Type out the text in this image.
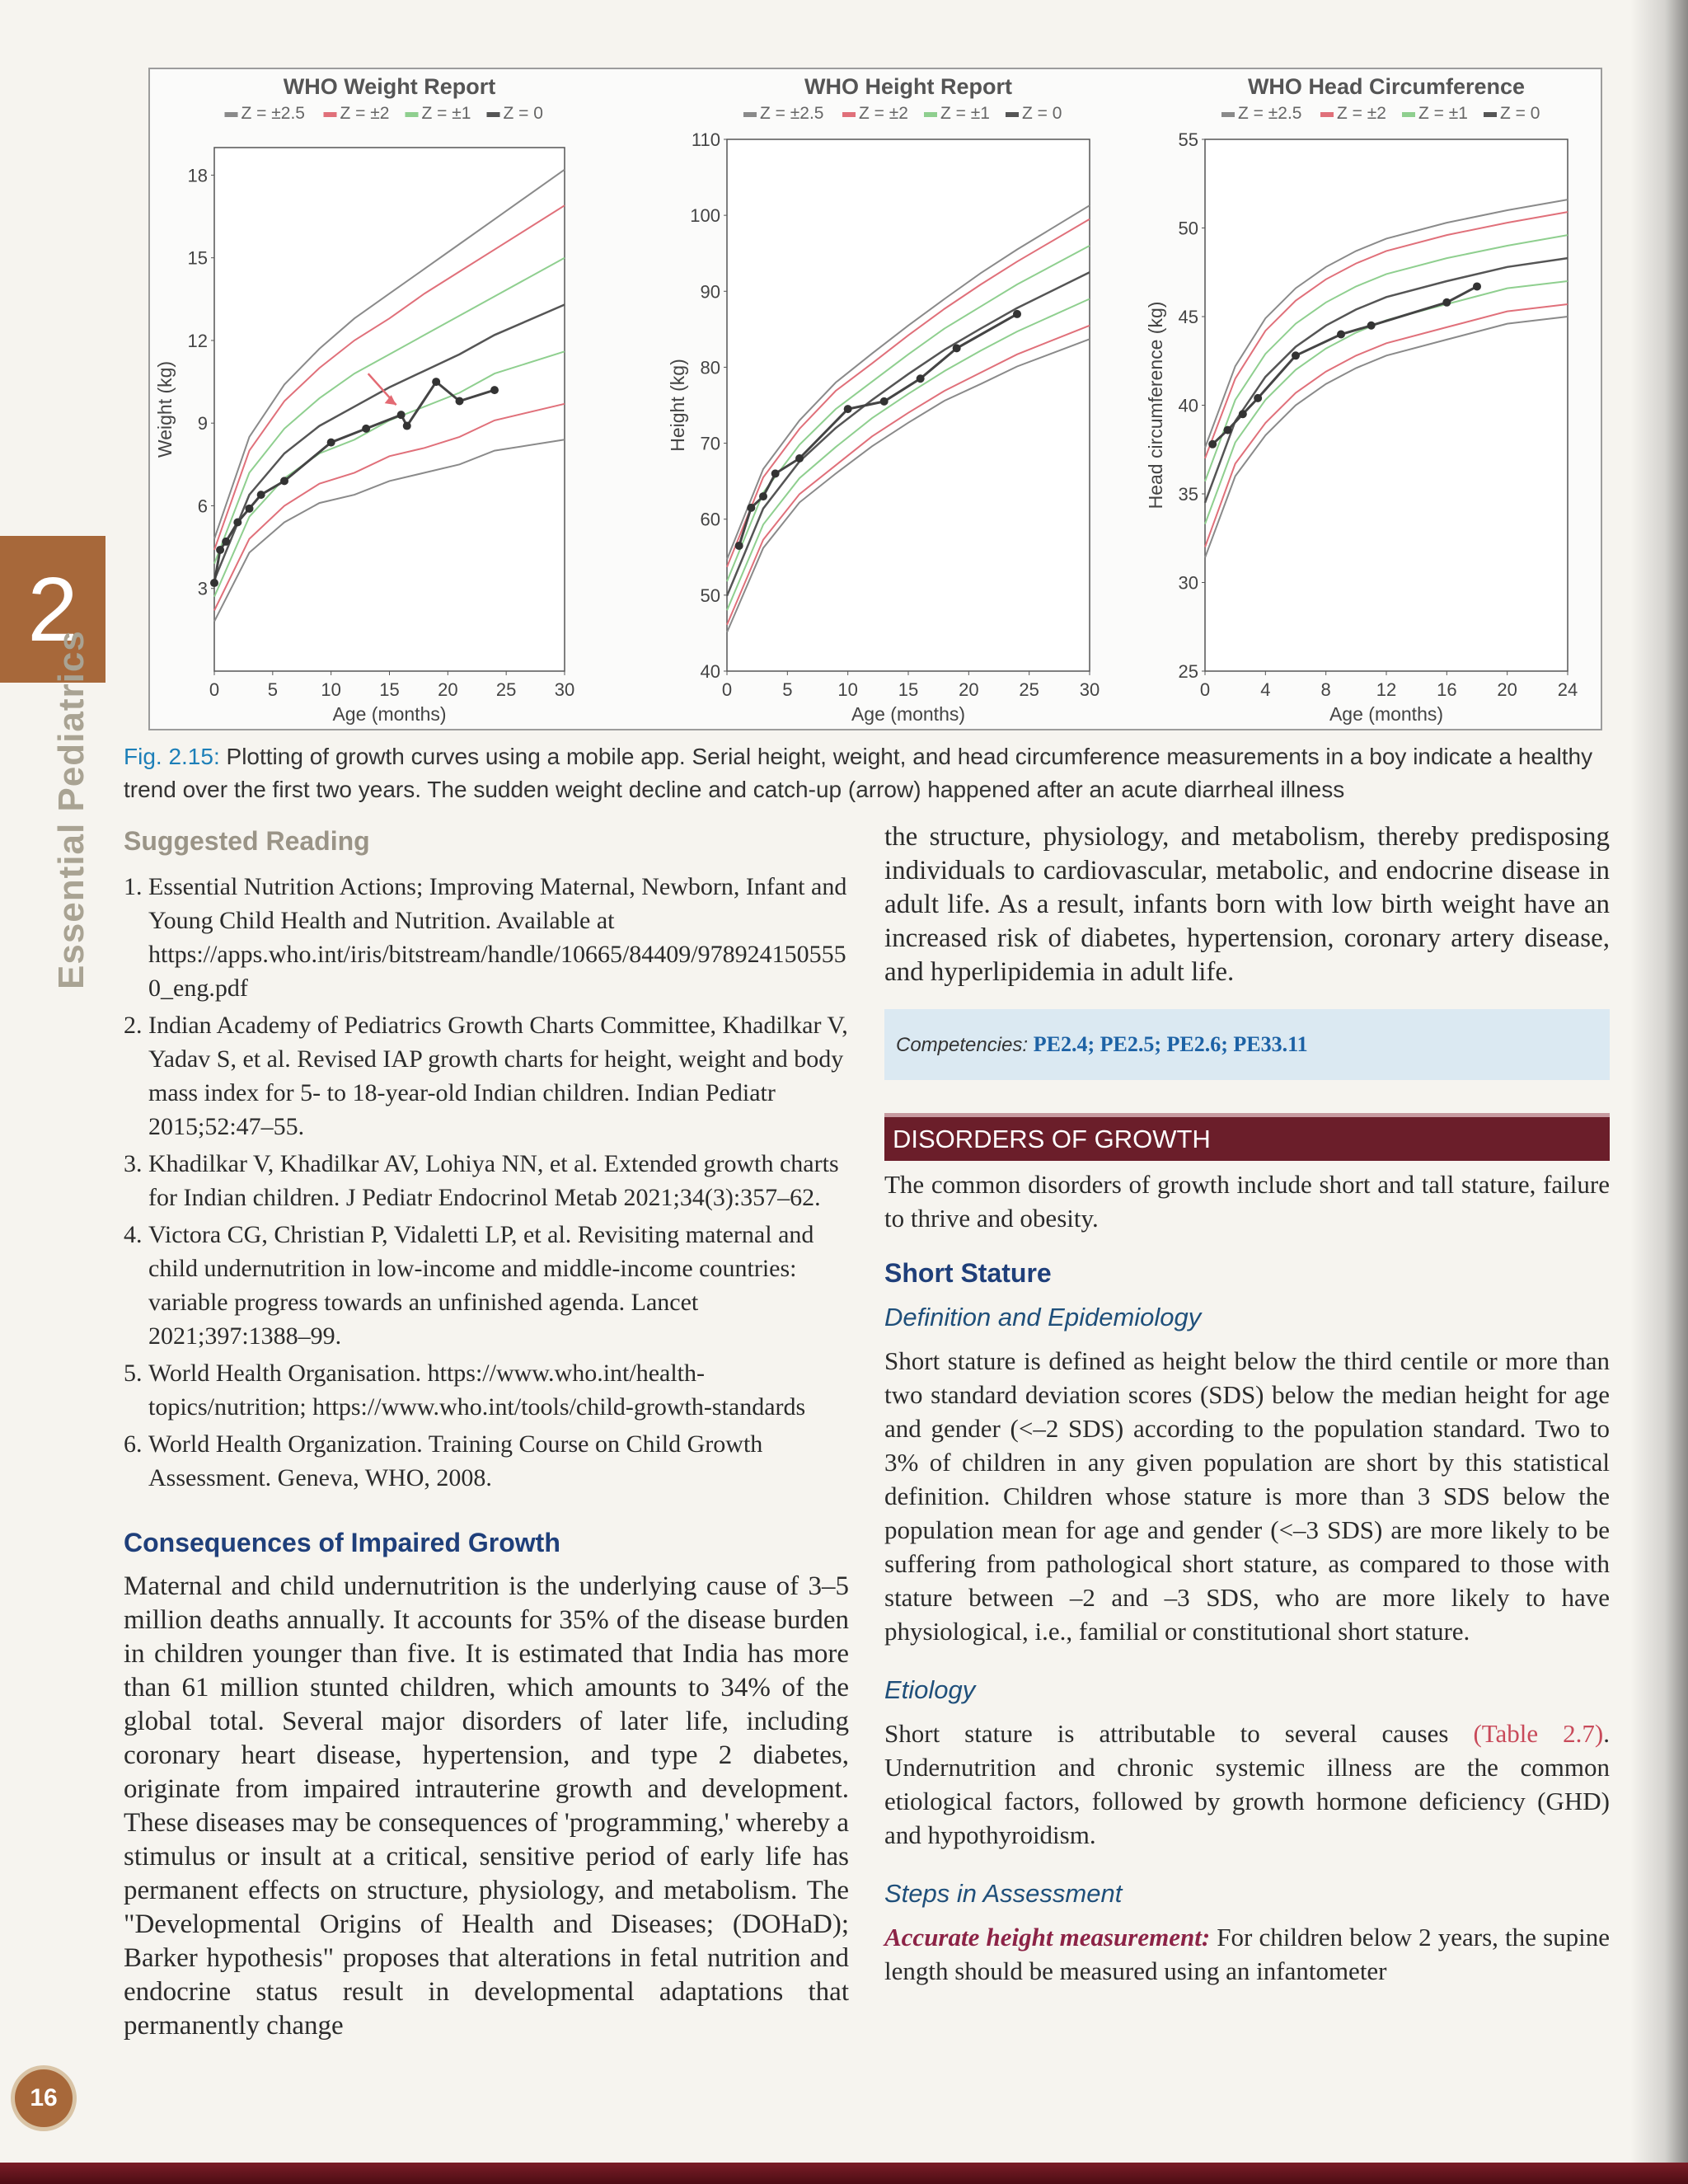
2
Essential Pediatrics
WHO Weight Report
Z = ±2.5 Z = ±2 Z = ±1 Z = 0
3
6
9
12
15
18
0	5 10 15 20 25 30
Age (months)
Weight (kg)
WHO Height Report
Z = ±2.5 Z = ±2 Z = ±1 Z = 0
40
50
60
70
80
90
100
110
0	5 10 15 20 25 30
Age (months)
Height (kg)
WHO Head Circumference
Z = ±2.5 Z = ±2 Z = ±1 Z = 0
25
30
35
40
45
50
55
0	4	8 12 16 20 24
Age (months)
Head circumference (kg)
Fig. 2.15: Plotting of growth curves using a mobile app. Serial height, weight, and head circumference measurements in a boy indicate a healthy trend over the first two years. The sudden weight decline and catch-up (arrow) happened after an acute diarrheal illness
Suggested Reading
1. Essential Nutrition Actions; Improving Maternal, Newborn, Infant and Young Child Health and Nutrition. Available at https://apps.who.int/iris/bitstream/handle/10665/84409/9789241505550_eng.pdf
2. Indian Academy of Pediatrics Growth Charts Committee, Khadilkar V, Yadav S, et al. Revised IAP growth charts for height, weight and body mass index for 5- to 18-year-old Indian children. Indian Pediatr 2015;52:47–55.
3. Khadilkar V, Khadilkar AV, Lohiya NN, et al. Extended growth charts for Indian children. J Pediatr Endocrinol Metab 2021;34(3):357–62.
4. Victora CG, Christian P, Vidaletti LP, et al. Revisiting maternal and child undernutrition in low-income and middle-income countries: variable progress towards an unfinished agenda. Lancet 2021;397:1388–99.
5. World Health Organisation. https://www.who.int/health-topics/nutrition; https://www.who.int/tools/child-growth-standards
6. World Health Organization. Training Course on Child Growth Assessment. Geneva, WHO, 2008.
Consequences of Impaired Growth

Maternal and child undernutrition is the underlying cause of 3–5 million deaths annually. It accounts for 35% of the disease burden in children younger than five. It is estimated that India has more than 61 million stunted children, which amounts to 34% of the global total. Several major disorders of later life, including coronary heart disease, hypertension, and type 2 diabetes, originate from impaired intrauterine growth and development. These diseases may be consequences of 'programming,' whereby a stimulus or insult at a critical, sensitive period of early life has permanent effects on structure, physiology, and metabolism. The "Developmental Origins of Health and Diseases; (DOHaD); Barker hypothesis" proposes that alterations in fetal nutrition and endocrine status result in developmental adaptations that permanently change

the structure, physiology, and metabolism, thereby predisposing individuals to cardiovascular, metabolic, and endocrine disease in adult life. As a result, infants born with low birth weight have an increased risk of diabetes, hypertension, coronary artery disease, and hyperlipidemia in adult life.

Competencies: PE2.4; PE2.5; PE2.6; PE33.11
DISORDERS OF GROWTH

The common disorders of growth include short and tall stature, failure to thrive and obesity.

Short Stature
Definition and Epidemiology

Short stature is defined as height below the third centile or more than two standard deviation scores (SDS) below the median height for age and gender (<–2 SDS) according to the population standard. Two to 3% of children in any given population are short by this statistical definition. Children whose stature is more than 3 SDS below the population mean for age and gender (<–3 SDS) are more likely to be suffering from pathological short stature, as compared to those with stature between –2 and –3 SDS, who are more likely to have physiological, i.e., familial or constitutional short stature.

Etiology

Short stature is attributable to several causes (Table 2.7). Undernutrition and chronic systemic illness are the common etiological factors, followed by growth hormone deficiency (GHD) and hypothyroidism.

Steps in Assessment

Accurate height measurement: For children below 2 years, the supine length should be measured using an infantometer

16
